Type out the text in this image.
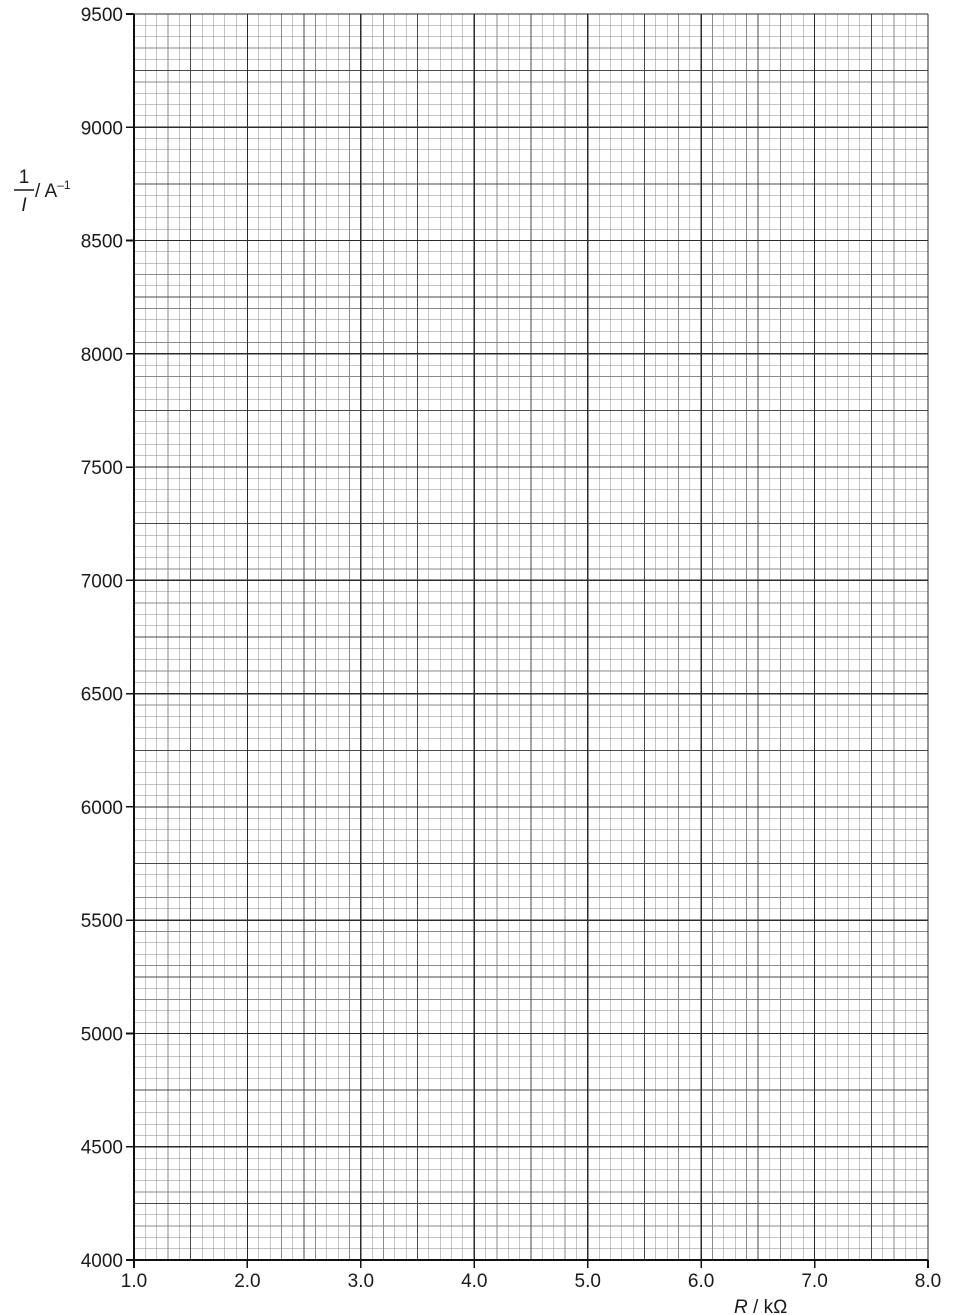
4000
4500
5000
5500
6000
6500
7000
7500
8000
8500
9000
9500
1.0	2.0	3.0	4.0	5.0	6.0	7.0	8.0
1
I
/ $A^{-1}$
R / kΩ
